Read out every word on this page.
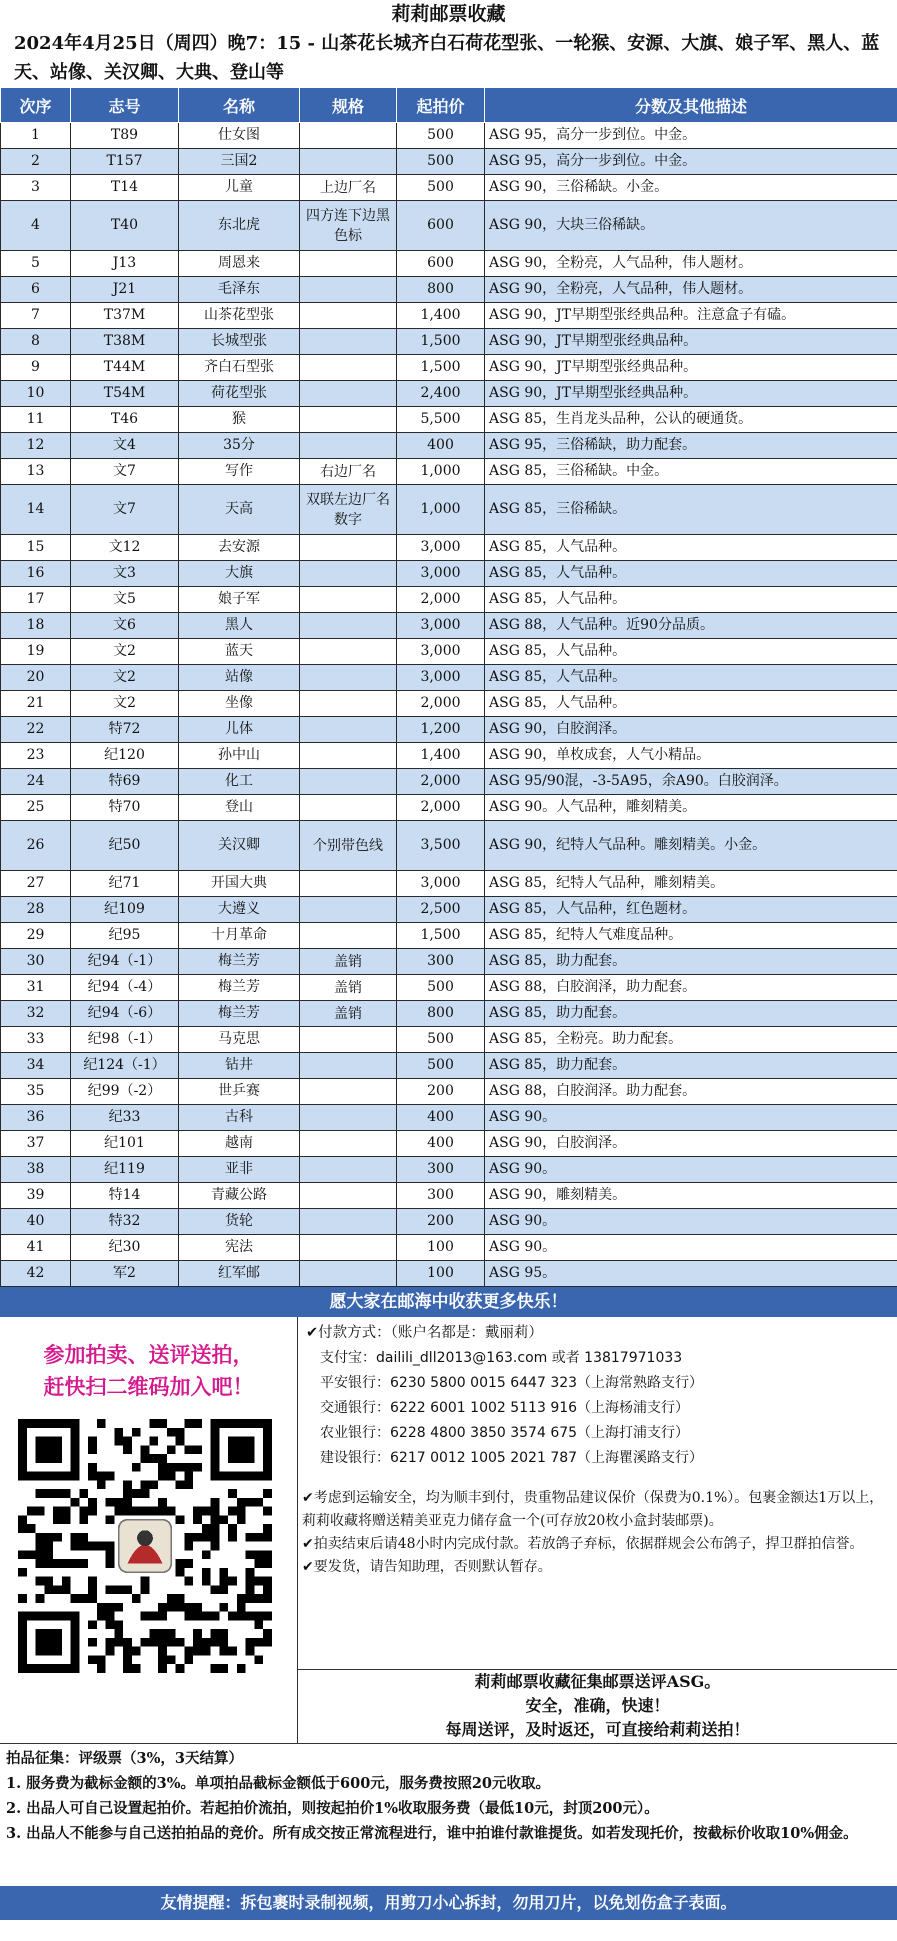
莉莉邮票收藏
2024年4月25日（周四）晚7：15 - 山茶花长城齐白石荷花型张、一轮猴、安源、大旗、娘子军、黑人、蓝天、站像、关汉卿、大典、登山等
次序	志号	名称	规格	起拍价	分数及其他描述
1	T89	仕女图		500	ASG 95，高分一步到位。中金。
2	T157	三国2		500	ASG 95，高分一步到位。中金。
3	T14	儿童	上边厂名	500	ASG 90，三俗稀缺。小金。
4	T40	东北虎	四方连下边黑色标	600	ASG 90，大块三俗稀缺。
5	J13	周恩来		600	ASG 90，全粉亮，人气品种，伟人题材。
6	J21	毛泽东		800	ASG 90，全粉亮，人气品种，伟人题材。
7	T37M	山茶花型张		1,400	ASG 90，JT早期型张经典品种。注意盒子有磕。
8	T38M	长城型张		1,500	ASG 90，JT早期型张经典品种。
9	T44M	齐白石型张		1,500	ASG 90，JT早期型张经典品种。
10	T54M	荷花型张		2,400	ASG 90，JT早期型张经典品种。
11	T46	猴		5,500	ASG 85，生肖龙头品种，公认的硬通货。
12	文4	35分		400	ASG 95，三俗稀缺，助力配套。
13	文7	写作	右边厂名	1,000	ASG 85，三俗稀缺。中金。
14	文7	天高	双联左边厂名数字	1,000	ASG 85，三俗稀缺。
15	文12	去安源		3,000	ASG 85，人气品种。
16	文3	大旗		3,000	ASG 85，人气品种。
17	文5	娘子军		2,000	ASG 85，人气品种。
18	文6	黑人		3,000	ASG 88，人气品种。近90分品质。
19	文2	蓝天		3,000	ASG 85，人气品种。
20	文2	站像		3,000	ASG 85，人气品种。
21	文2	坐像		2,000	ASG 85，人气品种。
22	特72	儿体		1,200	ASG 90，白胶润泽。
23	纪120	孙中山		1,400	ASG 90，单枚成套，人气小精品。
24	特69	化工		2,000	ASG 95/90混，-3-5A95，余A90。白胶润泽。
25	特70	登山		2,000	ASG 90。人气品种，雕刻精美。
26	纪50	关汉卿	个别带色线	3,500	ASG 90，纪特人气品种。雕刻精美。小金。
27	纪71	开国大典		3,000	ASG 85，纪特人气品种，雕刻精美。
28	纪109	大遵义		2,500	ASG 85，人气品种，红色题材。
29	纪95	十月革命		1,500	ASG 85，纪特人气难度品种。
30	纪94（-1）	梅兰芳	盖销	300	ASG 85，助力配套。
31	纪94（-4）	梅兰芳	盖销	500	ASG 88，白胶润泽，助力配套。
32	纪94（-6）	梅兰芳	盖销	800	ASG 85，助力配套。
33	纪98（-1）	马克思		500	ASG 85，全粉亮。助力配套。
34	纪124（-1）	钻井		500	ASG 85，助力配套。
35	纪99（-2）	世乒赛		200	ASG 88，白胶润泽。助力配套。
36	纪33	古科		400	ASG 90。
37	纪101	越南		400	ASG 90，白胶润泽。
38	纪119	亚非		300	ASG 90。
39	特14	青藏公路		300	ASG 90，雕刻精美。
40	特32	货轮		200	ASG 90。
41	纪30	宪法		100	ASG 90。
42	军2	红军邮		100	ASG 95。
愿大家在邮海中收获更多快乐！
参加拍卖、送评送拍，
赶快扫二维码加入吧！
✔付款方式：（账户名都是：戴丽莉）
支付宝：dailili_dll2013@163.com 或者 13817971033
平安银行：6230 5800 0015 6447 323（上海常熟路支行）
交通银行：6222 6001 1002 5113 916（上海杨浦支行）
农业银行：6228 4800 3850 3574 675（上海打浦支行）
建设银行：6217 0012 1005 2021 787（上海瞿溪路支行）
✔考虑到运输安全，均为顺丰到付，贵重物品建议保价（保费为0.1%）。包裹金额达1万以上，莉莉收藏将赠送精美亚克力储存盒一个(可存放20枚小盒封装邮票)。
✔拍卖结束后请48小时内完成付款。若放鸽子弃标，依据群规会公布鸽子，捍卫群拍信誉。
✔要发货，请告知助理，否则默认暂存。
莉莉邮票收藏征集邮票送评ASG。
安全，准确，快速！
每周送评，及时返还，可直接给莉莉送拍！
拍品征集：评级票（3%，3天结算）
1. 服务费为截标金额的3%。单项拍品截标金额低于600元，服务费按照20元收取。
2. 出品人可自己设置起拍价。若起拍价流拍，则按起拍价1%收取服务费（最低10元，封顶200元）。
3. 出品人不能参与自己送拍拍品的竞价。所有成交按正常流程进行，谁中拍谁付款谁提货。如若发现托价，按截标价收取10%佣金。
友情提醒：拆包裹时录制视频，用剪刀小心拆封，勿用刀片，以免划伤盒子表面。
